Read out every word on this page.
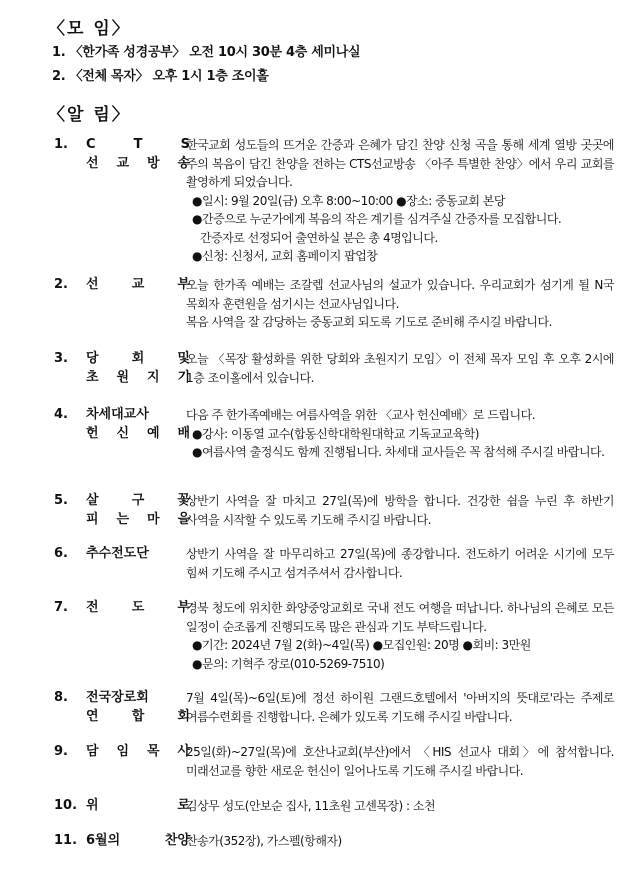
〈모 임〉
1. 〈한가족 성경공부〉 오전 10시 30분 4층 세미나실
2. 〈전체 목자〉 오후 1시 1층 조이홀
〈알 림〉
1. C T S
선 교 방 송
한국교회 성도들의 뜨거운 간증과 은혜가 담긴 찬양 신청 곡을 통해 세계 열방 곳곳에 주의 복음이 담긴 찬양을 전하는 CTS선교방송 〈아주 특별한 찬양〉에서 우리 교회를 촬영하게 되었습니다.
●일시: 9월 20일(금) 오후 8:00~10:00 ●장소: 중동교회 본당
●간증으로 누군가에게 복음의 작은 계기를 심겨주실 간증자를 모집합니다.
간증자로 선정되어 출연하실 분은 총 4명입니다.
●신청: 신청서, 교회 홈페이지 팝업창
2. 선 교 부
오늘 한가족 예배는 조갈렙 선교사님의 설교가 있습니다. 우리교회가 섬기게 될 N국 목회자 훈련원을 섬기시는 선교사님입니다.
복음 사역을 잘 감당하는 중동교회 되도록 기도로 준비해 주시길 바랍니다.
3. 당 회 및
초 원 지 기
오늘 〈목장 활성화를 위한 당회와 초원지기 모임〉이 전체 목자 모임 후 오후 2시에 1층 조이홀에서 있습니다.
4. 차세대교사
헌 신 예 배
다음 주 한가족예배는 여름사역을 위한 〈교사 헌신예배〉로 드립니다.
●강사: 이동열 교수(합동신학대학원대학교 기독교교육학)
●여름사역 출정식도 함께 진행됩니다. 차세대 교사들은 꼭 참석해 주시길 바랍니다.
5. 살 구 꽃
피 는 마 을
상반기 사역을 잘 마치고 27일(목)에 방학을 합니다. 건강한 쉼을 누린 후 하반기 사역을 시작할 수 있도록 기도해 주시길 바랍니다.
6. 추수전도단	상반기 사역을 잘 마무리하고 27일(목)에 종강합니다. 전도하기 어려운 시기에 모두 힘써 기도해 주시고 섬겨주셔서 감사합니다.
7. 전 도 부
경북 청도에 위치한 화양중앙교회로 국내 전도 여행을 떠납니다. 하나님의 은혜로 모든 일정이 순조롭게 진행되도록 많은 관심과 기도 부탁드립니다.
●기간: 2024년 7월 2(화)~4일(목) ●모집인원: 20명 ●회비: 3만원
●문의: 기혁주 장로(010-5269-7510)
8. 전국장로회
연 합 회
7월 4일(목)~6일(토)에 정선 하이원 그랜드호텔에서 '아버지의 뜻대로'라는 주제로 여름수련회를 진행합니다. 은혜가 있도록 기도해 주시길 바랍니다.
9. 담 임 목 사
25일(화)~27일(목)에 호산나교회(부산)에서 〈HIS 선교사 대회〉에 참석합니다. 미래선교를 향한 새로운 헌신이 일어나도록 기도해 주시길 바랍니다.
10. 위 로
김상무 성도(안보순 집사, 11초원 고센목장) : 소천
11. 6월의 찬양
찬송가(352장), 가스펠(항해자)
